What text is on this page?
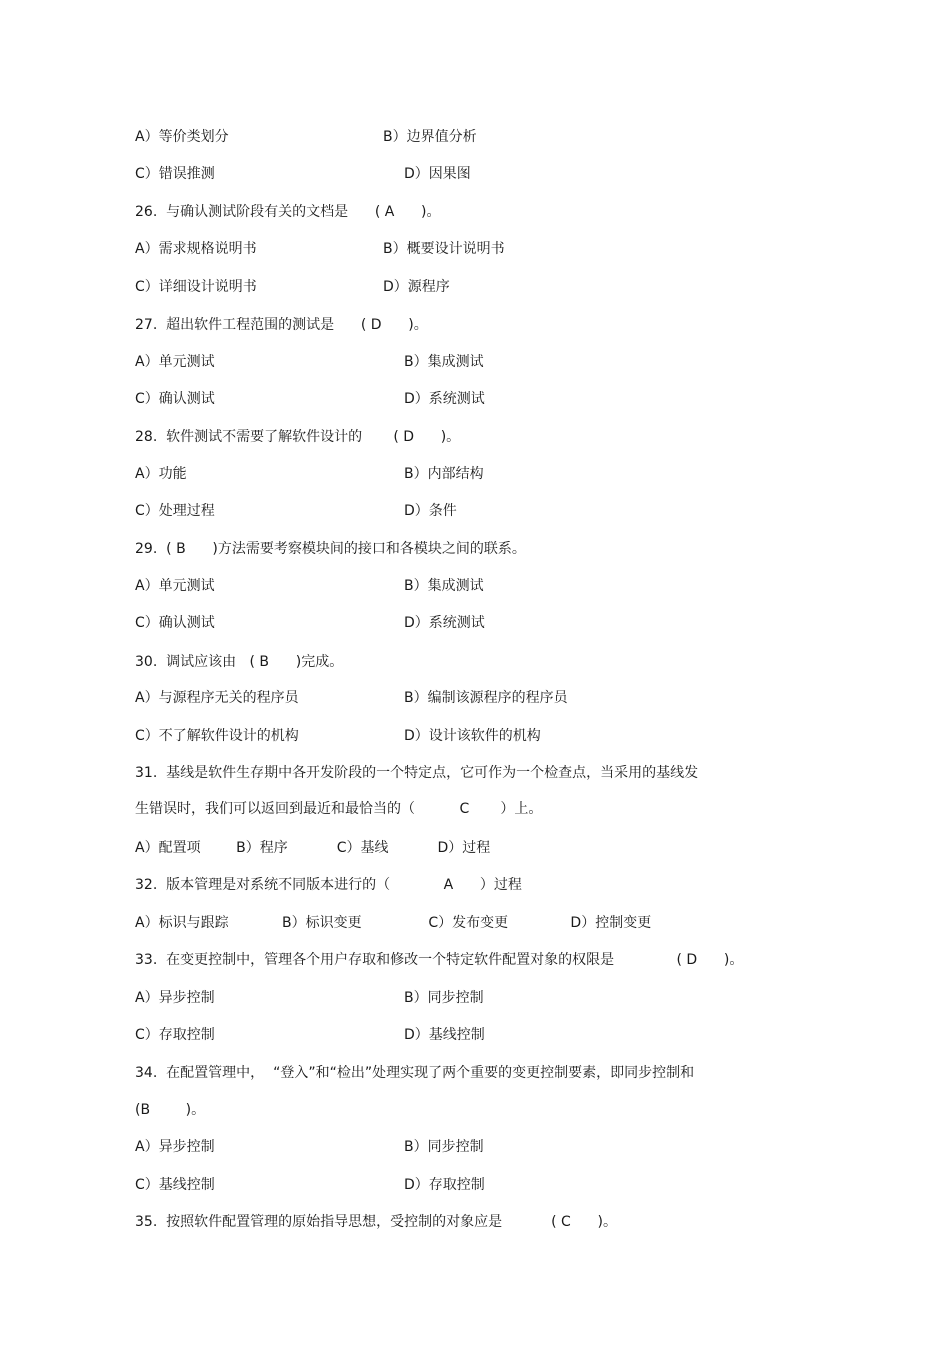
A）等价类划分	B）边界值分析
C）错误推测	D）因果图
26.  与确认测试阶段有关的文档是      ( A      )。
A）需求规格说明书	B）概要设计说明书
C）详细设计说明书	D）源程序
27.  超出软件工程范围的测试是      ( D      )。
A）单元测试	B）集成测试
C）确认测试	D）系统测试
28.  软件测试不需要了解软件设计的       ( D      )。
A）功能	B）内部结构
C）处理过程	D）条件
29.  ( B      )方法需要考察模块间的接口和各模块之间的联系。
A）单元测试	B）集成测试
C）确认测试	D）系统测试
30.  调试应该由   ( B      )完成。
A）与源程序无关的程序员	B）编制该源程序的程序员
C）不了解软件设计的机构	D）设计该软件的机构
31.  基线是软件生存期中各开发阶段的一个特定点，它可作为一个检查点，当采用的基线发
生错误时，我们可以返回到最近和最恰当的（          C       ）上。
A）配置项        B）程序           C）基线           D）过程
32.  版本管理是对系统不同版本进行的（            A      ）过程
A）标识与跟踪            B）标识变更               C）发布变更              D）控制变更
33.  在变更控制中，管理各个用户存取和修改一个特定软件配置对象的权限是              ( D      )。
A）异步控制	B）同步控制
C）存取控制	D）基线控制
34.  在配置管理中，  “登入”和“检出”处理实现了两个重要的变更控制要素，即同步控制和
(B        )。
A）异步控制	B）同步控制
C）基线控制	D）存取控制
35.  按照软件配置管理的原始指导思想，受控制的对象应是           ( C      )。
